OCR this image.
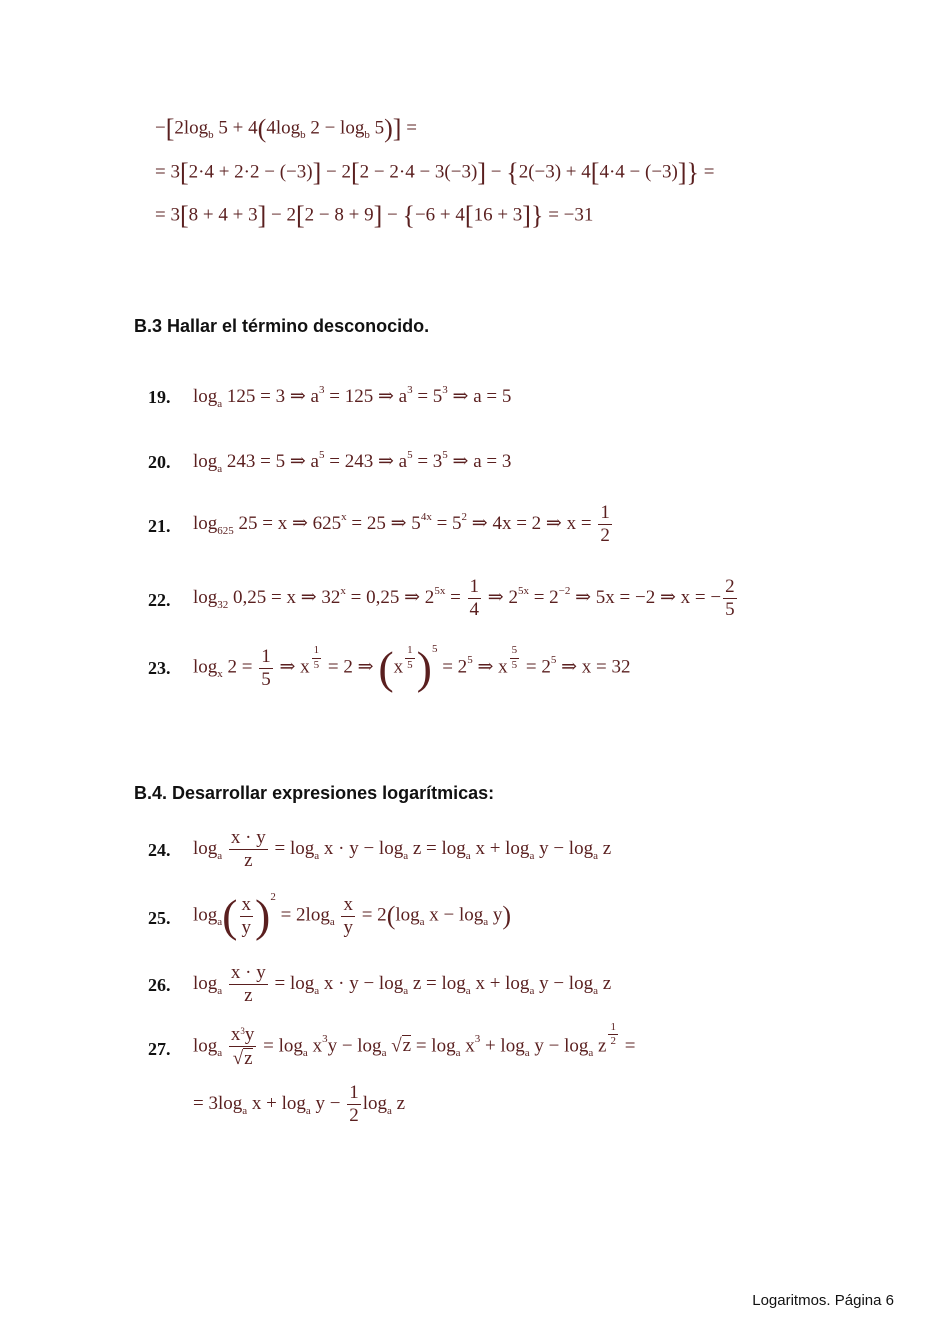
$-[2\log_b$ $5 + 4(4\log_b$ $2 - \log_b 5$)] =
= 3[2·4 + 2·2 − (−3)] − 2[2 − 2·4 − 3(−3)] − {2(−3) + 4[4·4 − (−3)]} =
= 3[8 + 4 + 3] − 2[2 − 8 + 9] − {−6 + 4[16 + 3]} = −31
B.3 Hallar el término desconocido.
19. $\log_a 125 = 3$ ⇒ $a^3 = 125$ ⇒ $a^3 = 5^3$ ⇒ a = 5
20. $\log_a 243 = 5$ ⇒ $a^5 = 243$ ⇒ $a^5 = 3^5$ ⇒ a = 3
21. $\log_{625} 25 = x$ ⇒ $625^x = 25$ ⇒ $5^{4x} = 5^2$ ⇒ 4x = 2 ⇒ $x = \frac{1}{2}$
22. $\log_{32} 0,25 = x$ ⇒ $32^x = 0,25$ ⇒ $2^{5x} = \frac{1}{4}$ ⇒ $2^{5x} = 2^{-2}$ ⇒ 5x = −2 ⇒ x = − $\frac{2}{5}$
23. $\log_x 2 = \frac{1}{5}$ ⇒ x $\frac{1}{5} = 2$ ⇒ $(x \frac{1}{5} )^5 = 2^5$ ⇒ x $\frac{5}{5} = 2^5$ ⇒ x = 32
B.4. Desarrollar expresiones logarítmicas:
24. $\log_a \frac{x \cdot y}{z} = \log_a x \cdot y - \log_a z = \log_a x + \log_a y - \log_a z$
25. $\log_a( \frac{x}{y} )^2 = 2\log_a \frac{x}{y} = 2(\log_a$ $x - \log_a y$)
26. $\log_a \frac{x \cdot y}{z} = \log_a x \cdot y - \log_a z = \log_a x + \log_a y - \log_a z$
27. $\log_a \frac{x^3y}{√z} = \log_a x^3y - \log_a √z = \log_a x^3 + \log_a y - \log_a z \frac{1}{2}$ =
= $3\log_a$ $x + \log_a y - \frac{1}{2} \log_a z$
Logaritmos. Página 6
